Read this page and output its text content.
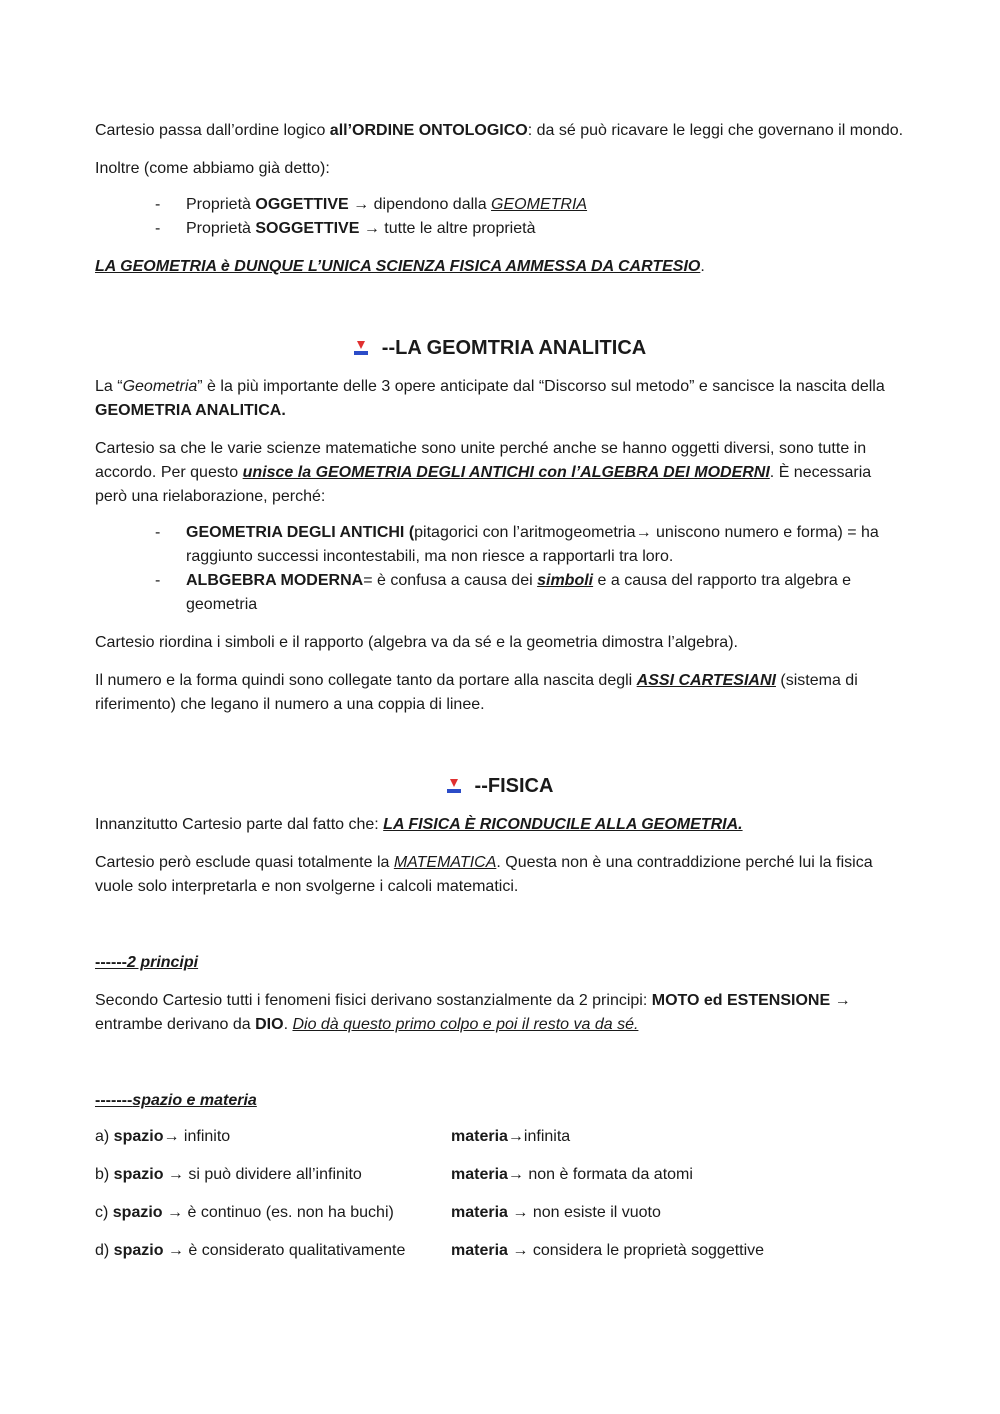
Cartesio passa dall’ordine logico all’ORDINE ONTOLOGICO: da sé può ricavare le leggi che governano il mondo.

Inoltre (come abbiamo già detto):

- Proprietà OGGETTIVE → dipendono dalla GEOMETRIA
- Proprietà SOGGETTIVE → tutte le altre proprietà

LA GEOMETRIA è DUNQUE L’UNICA SCIENZA FISICA AMMESSA DA CARTESIO.

--LA GEOMTRIA ANALITICA

La “Geometria” è la più importante delle 3 opere anticipate dal “Discorso sul metodo” e sancisce la nascita della GEOMETRIA ANALITICA.

Cartesio sa che le varie scienze matematiche sono unite perché anche se hanno oggetti diversi, sono tutte in accordo. Per questo unisce la GEOMETRIA DEGLI ANTICHI con l’ALGEBRA DEI MODERNI. È necessaria però una rielaborazione, perché:

- GEOMETRIA DEGLI ANTICHI (pitagorici con l’aritmogeometria→ uniscono numero e forma) = ha raggiunto successi incontestabili, ma non riesce a rapportarli tra loro.
- ALBGEBRA MODERNA= è confusa a causa dei simboli e a causa del rapporto tra algebra e geometria

Cartesio riordina i simboli e il rapporto (algebra va da sé e la geometria dimostra l’algebra).

Il numero e la forma quindi sono collegate tanto da portare alla nascita degli ASSI CARTESIANI (sistema di riferimento) che legano il numero a una coppia di linee.

--FISICA

Innanzitutto Cartesio parte dal fatto che: LA FISICA È RICONDUCILE ALLA GEOMETRIA.

Cartesio però esclude quasi totalmente la MATEMATICA. Questa non è una contraddizione perché lui la fisica vuole solo interpretarla e non svolgerne i calcoli matematici.

------2 principi

Secondo Cartesio tutti i fenomeni fisici derivano sostanzialmente da 2 principi: MOTO ed ESTENSIONE → entrambe derivano da DIO. Dio dà questo primo colpo e poi il resto va da sé.

-------spazio e materia

a) spazio→ infinito	materia→infinita
b) spazio → si può dividere all’infinito	materia→ non è formata da atomi
c) spazio → è continuo (es. non ha buchi)	materia → non esiste il vuoto
d) spazio → è considerato qualitativamente	materia → considera le proprietà soggettive
